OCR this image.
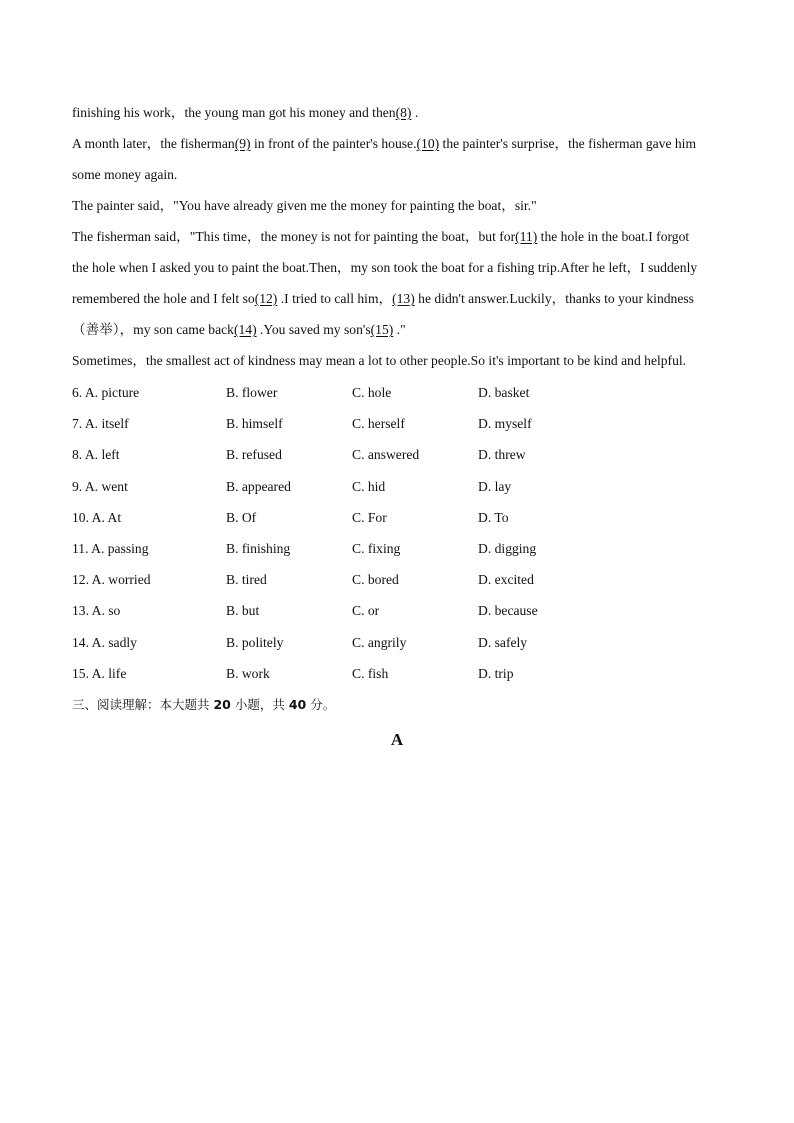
finishing his work，the young man got his money and then(8) .
A month later，the fisherman(9) in front of the painter's house.(10) the painter's surprise，the fisherman gave him
some money again.
The painter said，"You have already given me the money for painting the boat，sir."
The fisherman said，"This time，the money is not for painting the boat，but for(11) the hole in the boat.I forgot
the hole when I asked you to paint the boat.Then，my son took the boat for a fishing trip.After he left，I suddenly
remembered the hole and I felt so(12) .I tried to call him，(13) he didn't answer.Luckily，thanks to your kindness
（善举），my son came back(14) .You saved my son's(15) ."
Sometimes，the smallest act of kindness may mean a lot to other people.So it's important to be kind and helpful.
6. A. picture	B. flower	C. hole	D. basket
7. A. itself	B. himself	C. herself	D. myself
8. A. left	B. refused	C. answered	D. threw
9. A. went	B. appeared	C. hid	D. lay
10. A. At	B. Of	C. For	D. To
11. A. passing	B. finishing	C. fixing	D. digging
12. A. worried	B. tired	C. bored	D. excited
13. A. so	B. but	C. or	D. because
14. A. sadly	B. politely	C. angrily	D. safely
15. A. life	B. work	C. fish	D. trip
三、阅读理解：本大题共 20 小题，共 40 分。
A
